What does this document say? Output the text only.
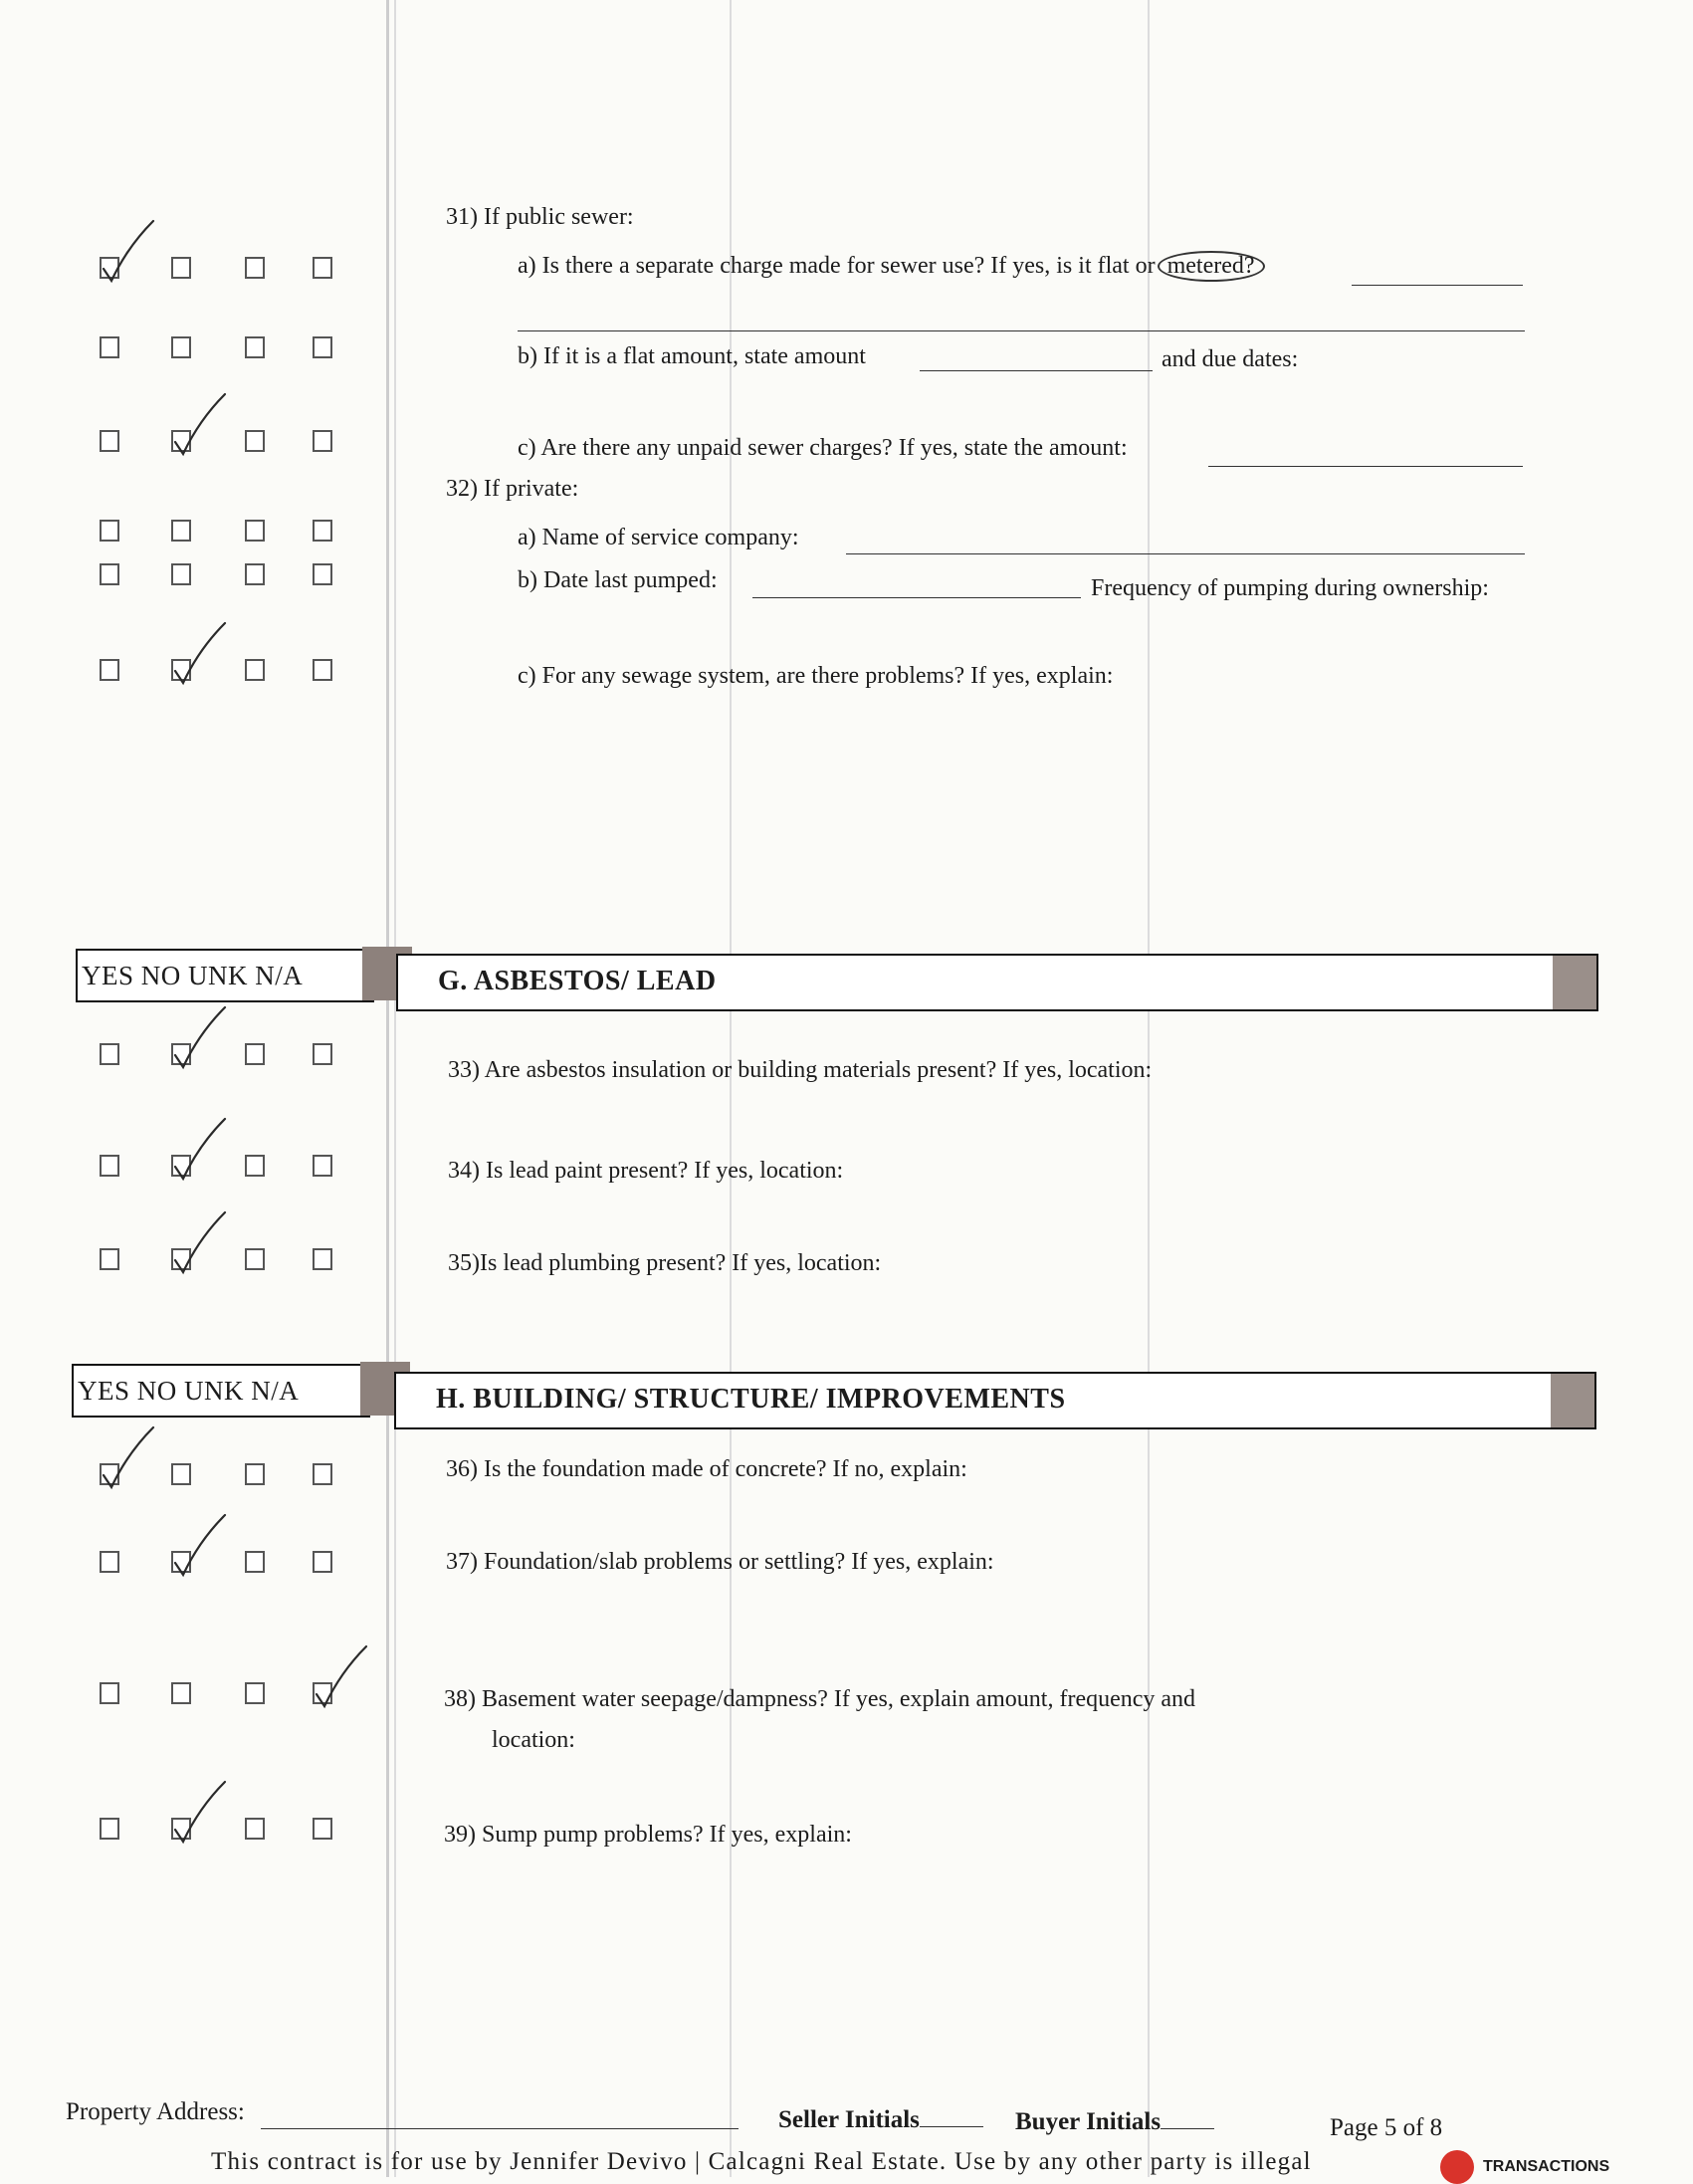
31) If public sewer:
a) Is there a separate charge made for sewer use? If yes, is it flat or metered?
b) If it is a flat amount, state amount	and due dates:
c) Are there any unpaid sewer charges? If yes, state the amount:
32) If private:
a) Name of service company:
b) Date last pumped:	Frequency of pumping during ownership:
c) For any sewage system, are there problems? If yes, explain:
YES NO UNK N/A	G. ASBESTOS/ LEAD
33) Are asbestos insulation or building materials present? If yes, location:
34) Is lead paint present? If yes, location:
35)Is lead plumbing present? If yes, location:
YES NO UNK N/A	H. BUILDING/ STRUCTURE/ IMPROVEMENTS
36) Is the foundation made of concrete? If no, explain:
37) Foundation/slab problems or settling? If yes, explain:
38) Basement water seepage/dampness? If yes, explain amount, frequency and
location:
39) Sump pump problems? If yes, explain:
Property Address:	Seller Initials	Buyer Initials	Page 5 of 8
This contract is for use by Jennifer Devivo | Calcagni Real Estate. Use by any other party is illegal	TRANSACTIONS
